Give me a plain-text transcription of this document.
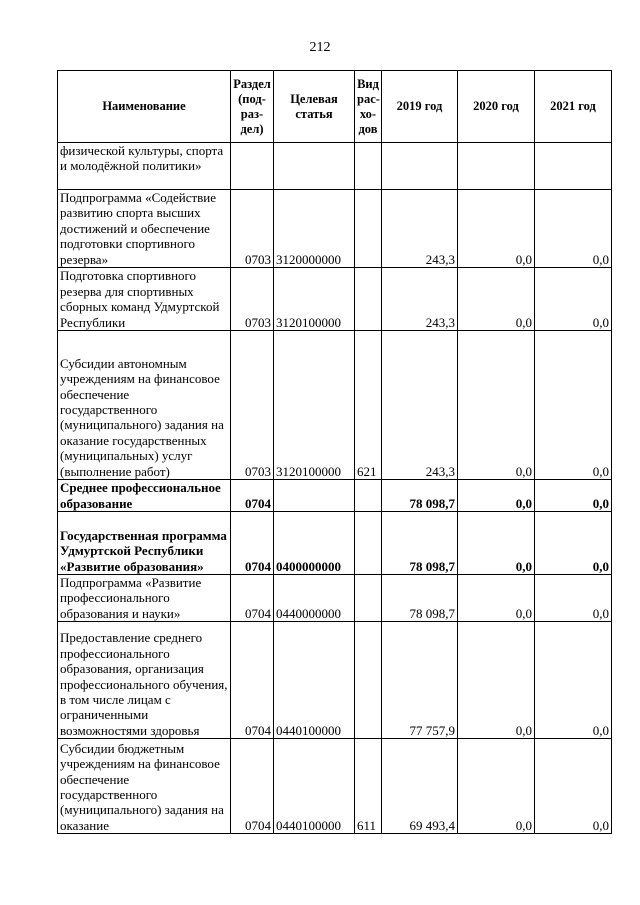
212
Наименование	Раздел (под-раз-дел)	Целевая статья	Вид рас-хо-дов	2019 год	2020 год	2021 год
физической культуры, спорта и молодёжной политики»						
Подпрограмма «Содействие развитию спорта высших достижений и обеспечение подготовки спортивного резерва»	0703	3120000000		243,3	0,0	0,0
Подготовка спортивного резерва для спортивных сборных команд Удмуртской Республики	0703	3120100000		243,3	0,0	0,0
Субсидии автономным учреждениям на финансовое обеспечение государственного (муниципального) задания на оказание государственных (муниципальных) услуг (выполнение работ)	0703	3120100000	621	243,3	0,0	0,0
Среднее профессиональное образование	0704			78 098,7	0,0	0,0
Государственная программа Удмуртской Республики «Развитие образования»	0704	0400000000		78 098,7	0,0	0,0
Подпрограмма «Развитие профессионального образования и науки»	0704	0440000000		78 098,7	0,0	0,0
Предоставление среднего профессионального образования, организация профессионального обучения, в том числе лицам с ограниченными возможностями здоровья	0704	0440100000		77 757,9	0,0	0,0
Субсидии бюджетным учреждениям на финансовое обеспечение государственного (муниципального) задания на оказание	0704	0440100000	611	69 493,4	0,0	0,0
